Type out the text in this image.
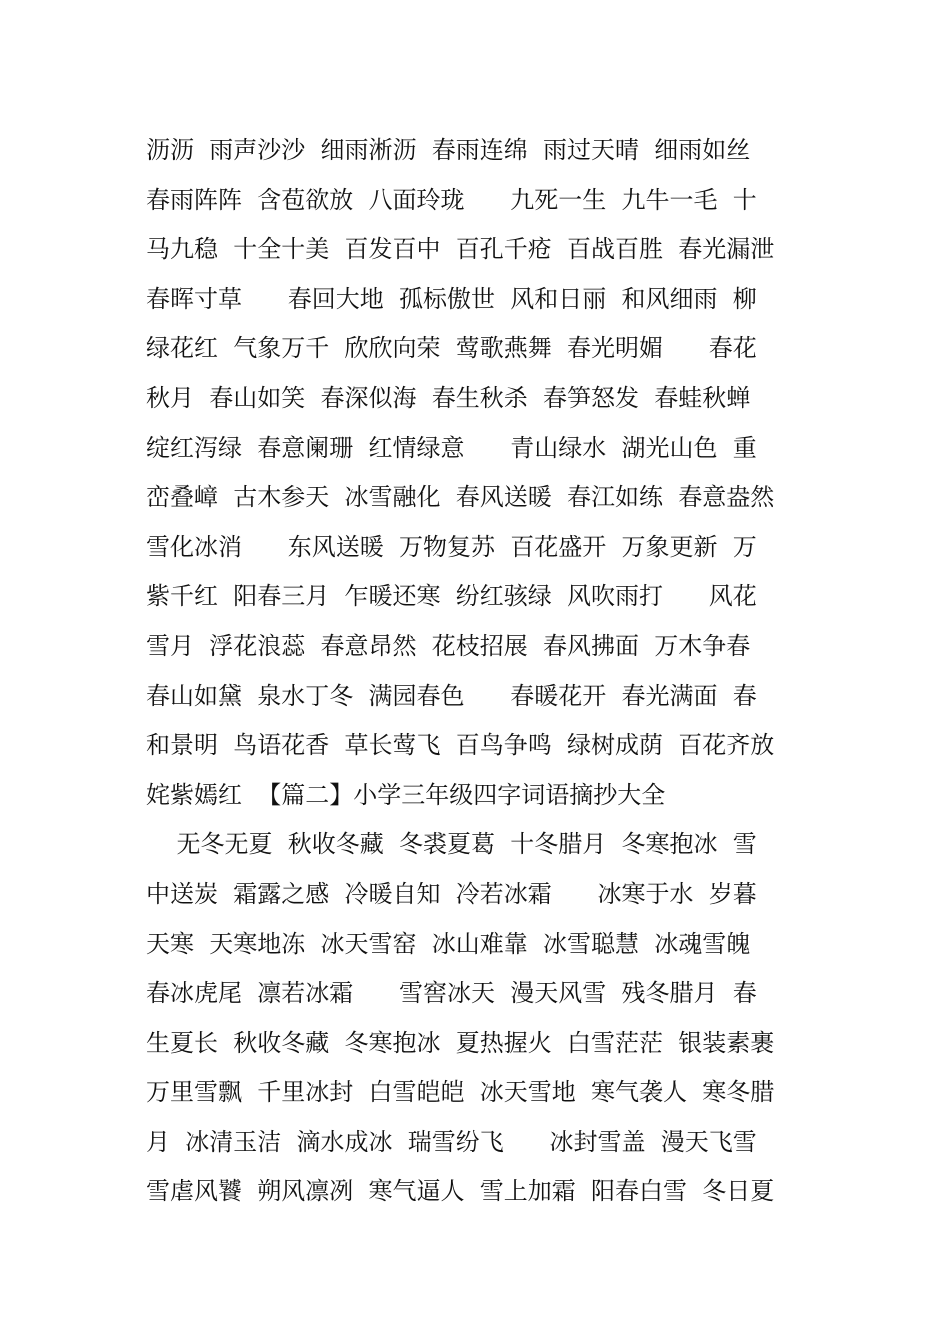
沥沥  雨声沙沙  细雨淅沥  春雨连绵  雨过天晴  细雨如丝
春雨阵阵  含苞欲放  八面玲珑      九死一生  九牛一毛  十
马九稳  十全十美  百发百中  百孔千疮  百战百胜  春光漏泄
春晖寸草      春回大地  孤标傲世  风和日丽  和风细雨  柳
绿花红  气象万千  欣欣向荣  莺歌燕舞  春光明媚      春花
秋月  春山如笑  春深似海  春生秋杀  春笋怒发  春蛙秋蝉
绽红泻绿  春意阑珊  红情绿意      青山绿水  湖光山色  重
峦叠嶂  古木参天  冰雪融化  春风送暖  春江如练  春意盎然
雪化冰消      东风送暖  万物复苏  百花盛开  万象更新  万
紫千红  阳春三月  乍暖还寒  纷红骇绿  风吹雨打      风花
雪月  浮花浪蕊  春意昂然  花枝招展  春风拂面  万木争春
春山如黛  泉水丁冬  满园春色      春暖花开  春光满面  春
和景明  鸟语花香  草长莺飞  百鸟争鸣  绿树成荫  百花齐放
姹紫嫣红  【篇二】小学三年级四字词语摘抄大全
无冬无夏  秋收冬藏  冬裘夏葛  十冬腊月  冬寒抱冰  雪
中送炭  霜露之感  冷暖自知  冷若冰霜      冰寒于水  岁暮
天寒  天寒地冻  冰天雪窑  冰山难靠  冰雪聪慧  冰魂雪魄
春冰虎尾  凛若冰霜      雪窖冰天  漫天风雪  残冬腊月  春
生夏长  秋收冬藏  冬寒抱冰  夏热握火  白雪茫茫  银装素裹
万里雪飘  千里冰封  白雪皑皑  冰天雪地  寒气袭人  寒冬腊
月  冰清玉洁  滴水成冰  瑞雪纷飞      冰封雪盖  漫天飞雪
雪虐风饕  朔风凛冽  寒气逼人  雪上加霜  阳春白雪  冬日夏
